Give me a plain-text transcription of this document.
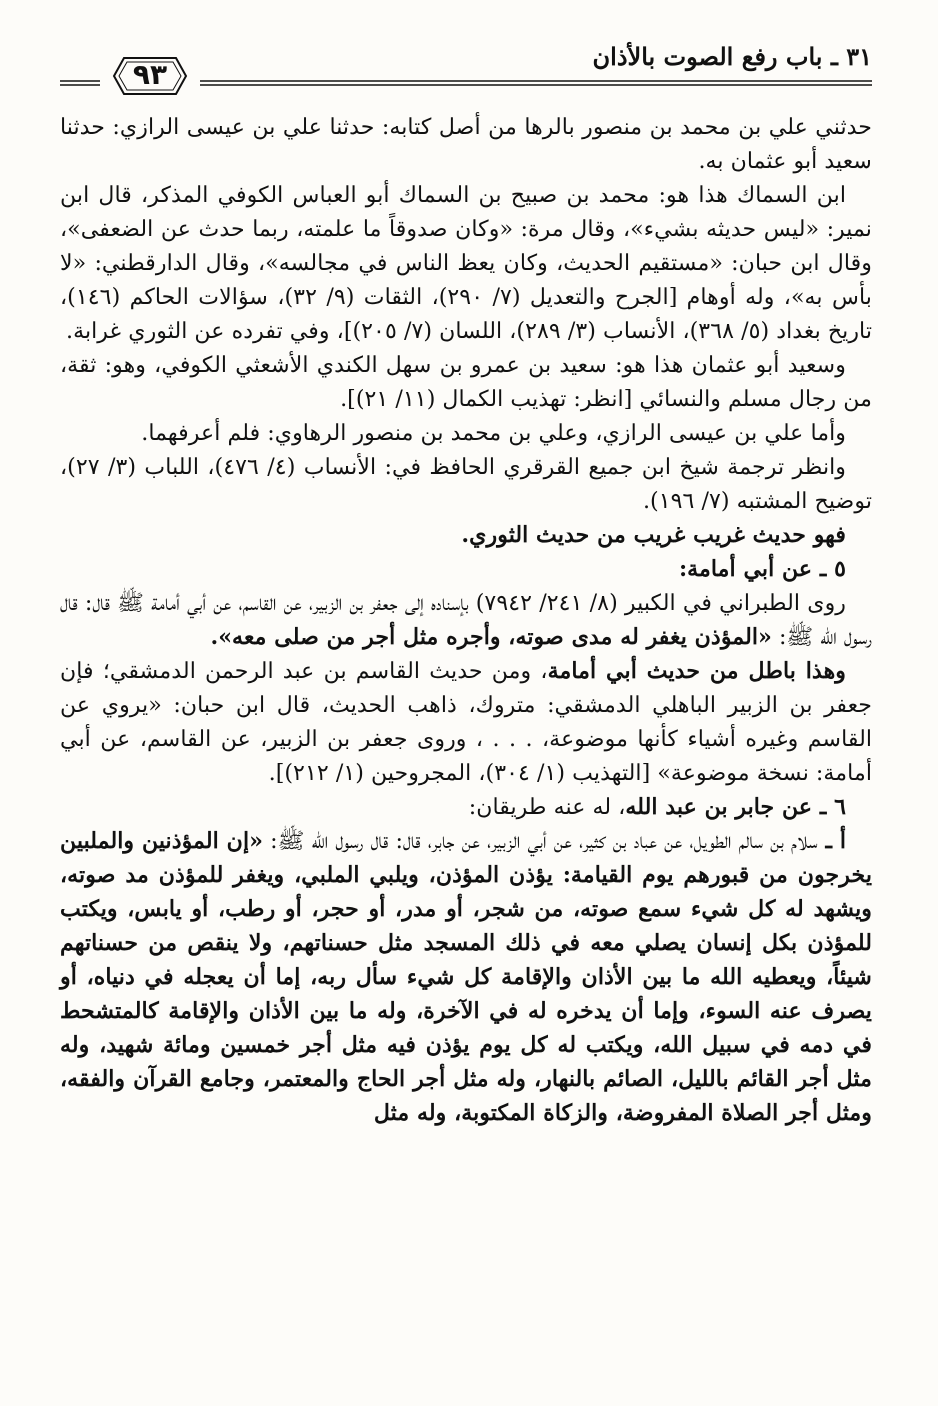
٣١ ـ باب رفع الصوت بالأذان
٩٣

حدثني علي بن محمد بن منصور بالرها من أصل كتابه: حدثنا علي بن عيسى الرازي: حدثنا سعيد أبو عثمان به.

ابن السماك هذا هو: محمد بن صبيح بن السماك أبو العباس الكوفي المذكر، قال ابن نمير: «ليس حديثه بشيء»، وقال مرة: «وكان صدوقاً ما علمته، ربما حدث عن الضعفى»، وقال ابن حبان: «مستقيم الحديث، وكان يعظ الناس في مجالسه»، وقال الدارقطني: «لا بأس به»، وله أوهام [الجرح والتعديل (٧/ ٢٩٠)، الثقات (٩/ ٣٢)، سؤالات الحاكم (١٤٦)، تاريخ بغداد (٥/ ٣٦٨)، الأنساب (٣/ ٢٨٩)، اللسان (٧/ ٢٠٥)]، وفي تفرده عن الثوري غرابة.

وسعيد أبو عثمان هذا هو: سعيد بن عمرو بن سهل الكندي الأشعثي الكوفي، وهو: ثقة، من رجال مسلم والنسائي [انظر: تهذيب الكمال (١١/ ٢١)].

وأما علي بن عيسى الرازي، وعلي بن محمد بن منصور الرهاوي: فلم أعرفهما.

وانظر ترجمة شيخ ابن جميع القرقري الحافظ في: الأنساب (٤/ ٤٧٦)، اللباب (٣/ ٢٧)، توضيح المشتبه (٧/ ١٩٦).

فهو حديث غريب غريب من حديث الثوري.

٥ ـ عن أبي أمامة:

روى الطبراني في الكبير (٨/ ٢٤١/ ٧٩٤٢) بإسناده إلى جعفر بن الزبير، عن القاسم، عن أبي أمامة ﷺ قال: قال رسول الله ﷺ: «المؤذن يغفر له مدى صوته، وأجره مثل أجر من صلى معه».

وهذا باطل من حديث أبي أمامة، ومن حديث القاسم بن عبد الرحمن الدمشقي؛ فإن جعفر بن الزبير الباهلي الدمشقي: متروك، ذاهب الحديث، قال ابن حبان: «يروي عن القاسم وغيره أشياء كأنها موضوعة، . . . ، وروى جعفر بن الزبير، عن القاسم، عن أبي أمامة: نسخة موضوعة» [التهذيب (١/ ٣٠٤)، المجروحين (١/ ٢١٢)].

٦ ـ عن جابر بن عبد الله، له عنه طريقان:

أ ـ سلام بن سالم الطويل، عن عباد بن كثير، عن أبي الزبير، عن جابر، قال: قال رسول الله ﷺ: «إن المؤذنين والملبين يخرجون من قبورهم يوم القيامة: يؤذن المؤذن، ويلبي الملبي، ويغفر للمؤذن مد صوته، ويشهد له كل شيء سمع صوته، من شجر، أو مدر، أو حجر، أو رطب، أو يابس، ويكتب للمؤذن بكل إنسان يصلي معه في ذلك المسجد مثل حسناتهم، ولا ينقص من حسناتهم شيئاً، ويعطيه الله ما بين الأذان والإقامة كل شيء سأل ربه، إما أن يعجله في دنياه، أو يصرف عنه السوء، وإما أن يدخره له في الآخرة، وله ما بين الأذان والإقامة كالمتشحط في دمه في سبيل الله، ويكتب له كل يوم يؤذن فيه مثل أجر خمسين ومائة شهيد، وله مثل أجر القائم بالليل، الصائم بالنهار، وله مثل أجر الحاج والمعتمر، وجامع القرآن والفقه، ومثل أجر الصلاة المفروضة، والزكاة المكتوبة، وله مثل
